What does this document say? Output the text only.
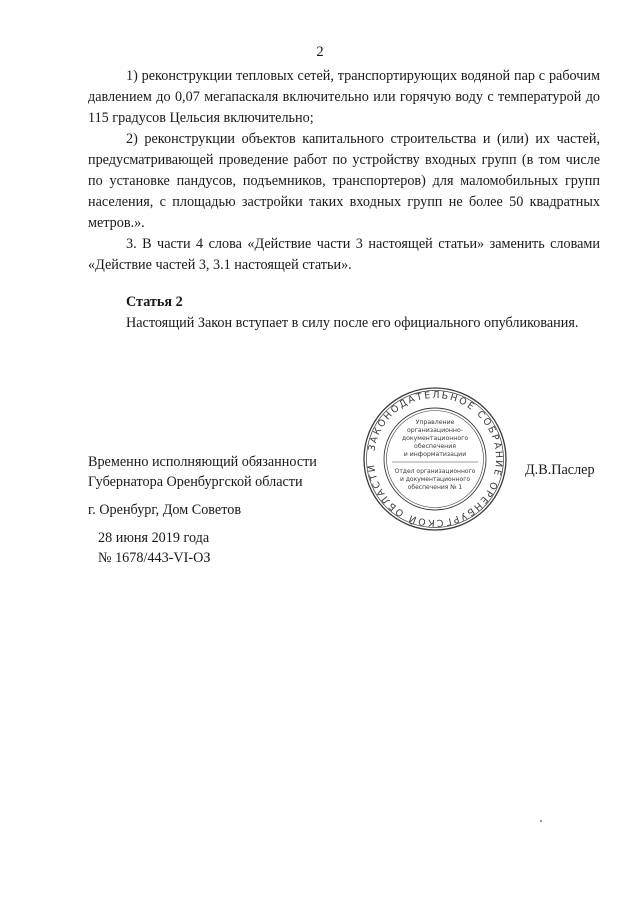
2

1) реконструкции тепловых сетей, транспортирующих водяной пар с рабочим давлением до 0,07 мегапаскаля включительно или горячую воду с температурой до 115 градусов Цельсия включительно;

2) реконструкции объектов капитального строительства и (или) их частей, предусматривающей проведение работ по устройству входных групп (в том числе по установке пандусов, подъемников, транспортеров) для маломобильных групп населения, с площадью застройки таких входных групп не более 50 квадратных метров.».

3. В части 4 слова «Действие части 3 настоящей статьи» заменить словами «Действие частей 3, 3.1 настоящей статьи».

Статья 2

Настоящий Закон вступает в силу после его официального опубликования.

Временно исполняющий обязанности
Губернатора Оренбургской области
Д.В.Паслер
г. Оренбург, Дом Советов
28 июня 2019 года
№ 1678/443-VI-ОЗ
ЗАКОНОДАТЕЛЬНОЕ СОБРАНИЕ ОРЕНБУРГСКОЙ ОБЛАСТИ
Управление
организационно-
документационного
обеспечения
и информатизации
Отдел организационного
и документационного
обеспечения № 1
